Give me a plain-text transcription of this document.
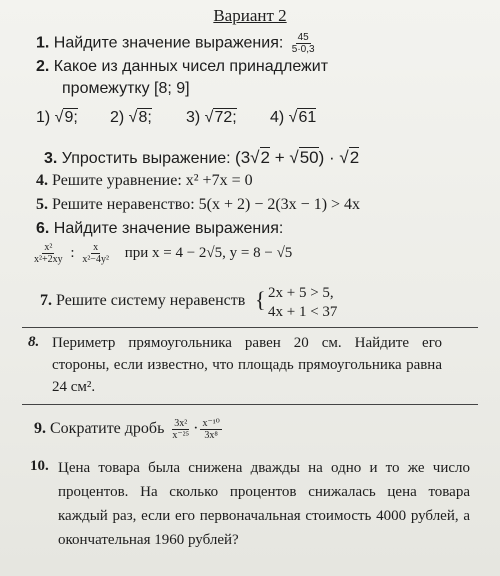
Вариант 2
1. Найдите значение выражения: $\frac{45}{5\cdot 0,3}$
2. Какое из данных чисел принадлежит
промежутку [8; 9]
1) √9; 2) √8; 3) √72; 4) √61
3. Упростить выражение: (3√2 + √50) · √2
4. Решите уравнение: x² +7x = 0
5. Решите неравенство: 5(x + 2) − 2(3x − 1) > 4x
6. Найдите значение выражения:
$\frac{\text{x²}}{\text{x²+2xy}}$ : $\frac{x}{\text{x²−4y²}}$ при x = 4 − 2√5, y = 8 − √5
7. Решите систему неравенств { 2x + 5 > 5,
4x + 1 < 37
8. Периметр прямоугольника равен 20 см. Найдите его стороны, если известно, что площадь прямоугольника равна 24 см².
9. Сократите дробь $\frac{\text{3x²}}{\text{x⁻²⁵}} \cdot \frac{\text{x⁻¹⁰}}{\text{3x⁸}}$
10. Цена товара была снижена дважды на одно и то же число процентов. На сколько процентов снижалась цена товара каждый раз, если его первоначальная стоимость 4000 рублей, а окончательная 1960 рублей?
